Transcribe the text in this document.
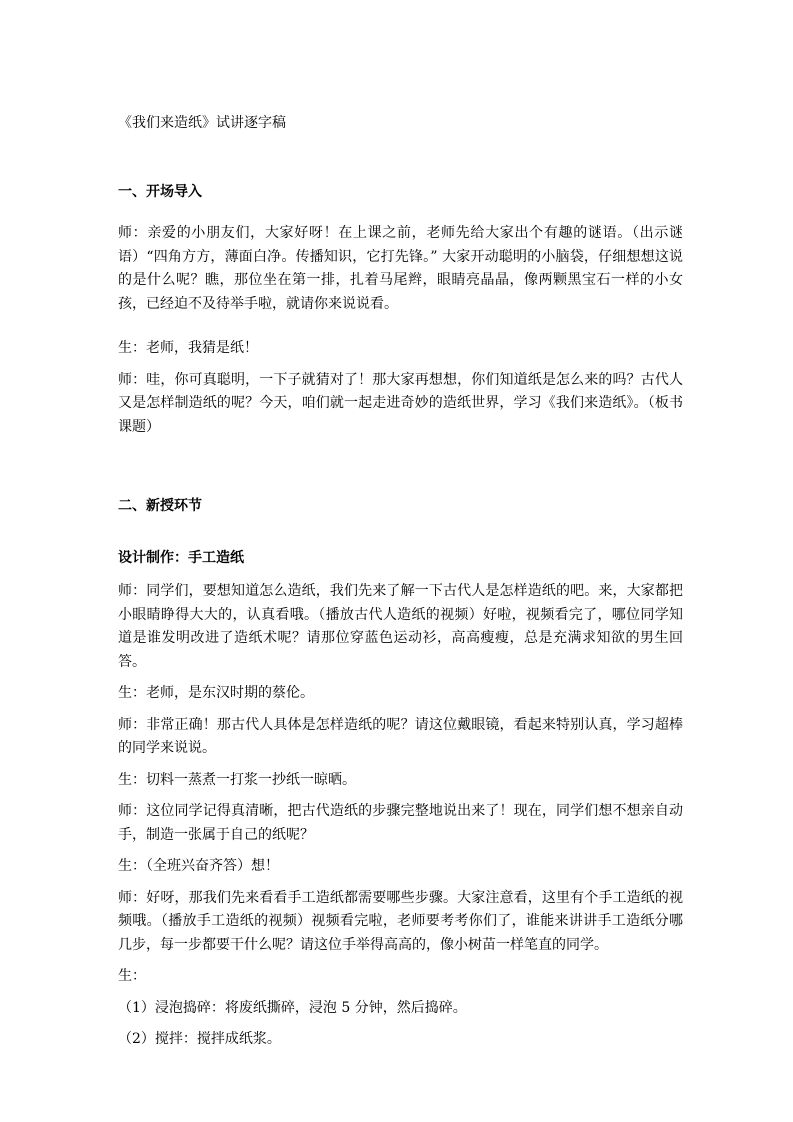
《我们来造纸》试讲逐字稿
一、开场导入

师：亲爱的小朋友们，大家好呀！在上课之前，老师先给大家出个有趣的谜语。（出示谜语）“四角方方，薄面白净。传播知识，它打先锋。” 大家开动聪明的小脑袋，仔细想想这说的是什么呢？瞧，那位坐在第一排，扎着马尾辫，眼睛亮晶晶，像两颗黑宝石一样的小女孩，已经迫不及待举手啦，就请你来说说看。

生：老师，我猜是纸！

师：哇，你可真聪明，一下子就猜对了！那大家再想想，你们知道纸是怎么来的吗？古代人又是怎样制造纸的呢？今天，咱们就一起走进奇妙的造纸世界，学习《我们来造纸》。（板书课题）

二、新授环节
设计制作：手工造纸

师：同学们，要想知道怎么造纸，我们先来了解一下古代人是怎样造纸的吧。来，大家都把小眼睛睁得大大的，认真看哦。（播放古代人造纸的视频）好啦，视频看完了，哪位同学知道是谁发明改进了造纸术呢？请那位穿蓝色运动衫，高高瘦瘦，总是充满求知欲的男生回答。

生：老师，是东汉时期的蔡伦。

师：非常正确！那古代人具体是怎样造纸的呢？请这位戴眼镜，看起来特别认真，学习超棒的同学来说说。

生：切料一蒸煮一打浆一抄纸一晾晒。

师：这位同学记得真清晰，把古代造纸的步骤完整地说出来了！现在，同学们想不想亲自动手，制造一张属于自己的纸呢？

生：（全班兴奋齐答）想！

师：好呀，那我们先来看看手工造纸都需要哪些步骤。大家注意看，这里有个手工造纸的视频哦。（播放手工造纸的视频）视频看完啦，老师要考考你们了，谁能来讲讲手工造纸分哪几步，每一步都要干什么呢？请这位手举得高高的，像小树苗一样笔直的同学。

生：

（1）浸泡捣碎：将废纸撕碎，浸泡 5 分钟，然后捣碎。

（2）搅拌：搅拌成纸浆。
